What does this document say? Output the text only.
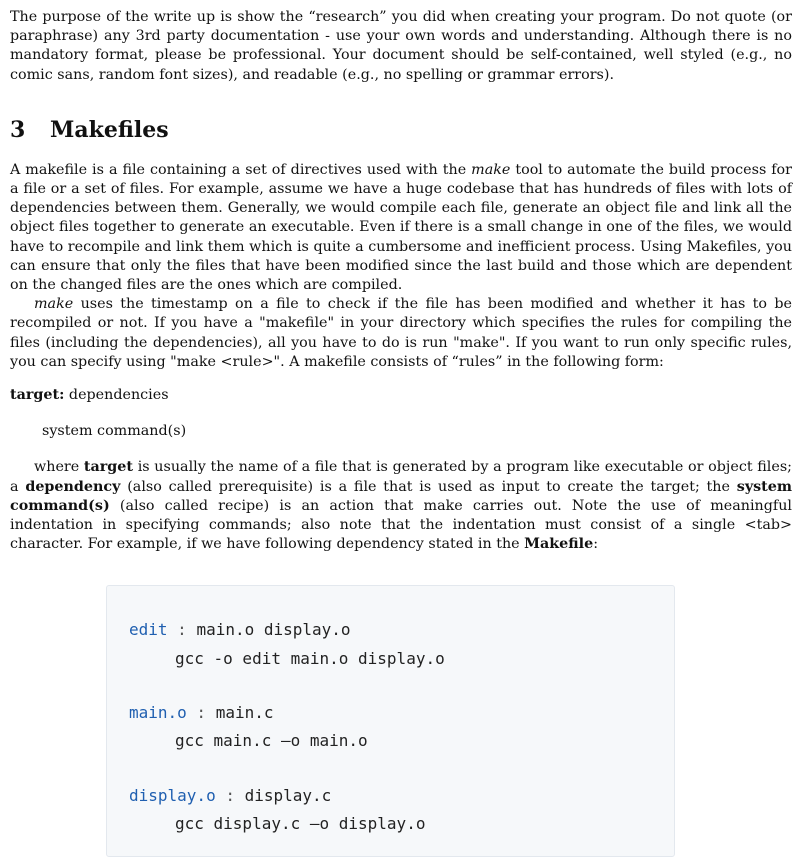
The purpose of the write up is show the “research” you did when creating your program. Do not quote (or paraphrase) any 3rd party documentation - use your own words and understanding. Although there is no mandatory format, please be professional. Your document should be self-contained, well styled (e.g., no comic sans, random font sizes), and readable (e.g., no spelling or grammar errors).

3 Makefiles

A makefile is a file containing a set of directives used with the make tool to automate the build process for a file or a set of files. For example, assume we have a huge codebase that has hundreds of files with lots of dependencies between them. Generally, we would compile each file, generate an object file and link all the object files together to generate an executable. Even if there is a small change in one of the files, we would have to recompile and link them which is quite a cumbersome and inefficient process. Using Makefiles, you can ensure that only the files that have been modified since the last build and those which are dependent on the changed files are the ones which are compiled.

make uses the timestamp on a file to check if the file has been modified and whether it has to be recompiled or not. If you have a "makefile" in your directory which specifies the rules for compiling the files (including the dependencies), all you have to do is run "make". If you want to run only specific rules, you can specify using "make <rule>". A makefile consists of “rules” in the following form:

target: dependencies

system command(s)

where target is usually the name of a file that is generated by a program like executable or object files; a dependency (also called prerequisite) is a file that is used as input to create the target; the system command(s) (also called recipe) is an action that make carries out. Note the use of meaningful indentation in specifying commands; also note that the indentation must consist of a single <tab> character. For example, if we have following dependency stated in the Makefile:

edit : main.o display.o
gcc -o edit main.o display.o
main.o : main.c
gcc main.c —o main.o
display.o : display.c
gcc display.c —o display.o
